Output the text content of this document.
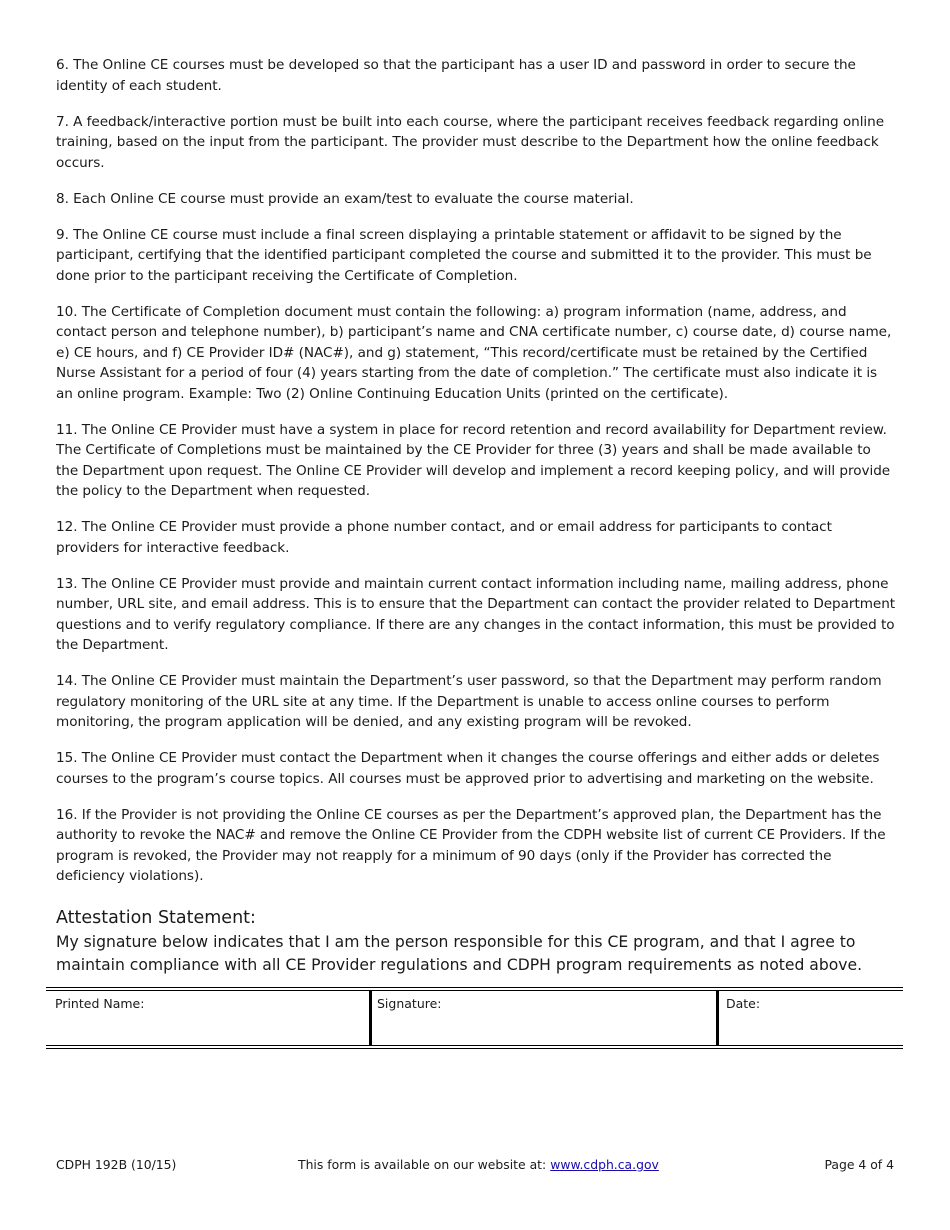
6. The Online CE courses must be developed so that the participant has a user ID and password in order to secure the identity of each student.

7. A feedback/interactive portion must be built into each course, where the participant receives feedback regarding online training, based on the input from the participant. The provider must describe to the Department how the online feedback occurs.

8. Each Online CE course must provide an exam/test to evaluate the course material.

9. The Online CE course must include a final screen displaying a printable statement or affidavit to be signed by the participant, certifying that the identified participant completed the course and submitted it to the provider. This must be done prior to the participant receiving the Certificate of Completion.

10. The Certificate of Completion document must contain the following: a) program information (name, address, and contact person and telephone number), b) participant’s name and CNA certificate number, c) course date, d) course name, e) CE hours, and f) CE Provider ID# (NAC#), and g) statement, “This record/certificate must be retained by the Certified Nurse Assistant for a period of four (4) years starting from the date of completion.” The certificate must also indicate it is an online program. Example: Two (2) Online Continuing Education Units (printed on the certificate).

11. The Online CE Provider must have a system in place for record retention and record availability for Department review. The Certificate of Completions must be maintained by the CE Provider for three (3) years and shall be made available to the Department upon request. The Online CE Provider will develop and implement a record keeping policy, and will provide the policy to the Department when requested.

12. The Online CE Provider must provide a phone number contact, and or email address for participants to contact providers for interactive feedback.

13. The Online CE Provider must provide and maintain current contact information including name, mailing address, phone number, URL site, and email address. This is to ensure that the Department can contact the provider related to Department questions and to verify regulatory compliance. If there are any changes in the contact information, this must be provided to the Department.

14. The Online CE Provider must maintain the Department’s user password, so that the Department may perform random regulatory monitoring of the URL site at any time. If the Department is unable to access online courses to perform monitoring, the program application will be denied, and any existing program will be revoked.

15. The Online CE Provider must contact the Department when it changes the course offerings and either adds or deletes courses to the program’s course topics. All courses must be approved prior to advertising and marketing on the website.

16. If the Provider is not providing the Online CE courses as per the Department’s approved plan, the Department has the authority to revoke the NAC# and remove the Online CE Provider from the CDPH website list of current CE Providers. If the program is revoked, the Provider may not reapply for a minimum of 90 days (only if the Provider has corrected the deficiency violations).

Attestation Statement:

My signature below indicates that I am the person responsible for this CE program, and that I agree to maintain compliance with all CE Provider regulations and CDPH program requirements as noted above.

Printed Name:	Signature:	Date:
CDPH 192B (10/15)	This form is available on our website at: www.cdph.ca.gov	Page 4 of 4
